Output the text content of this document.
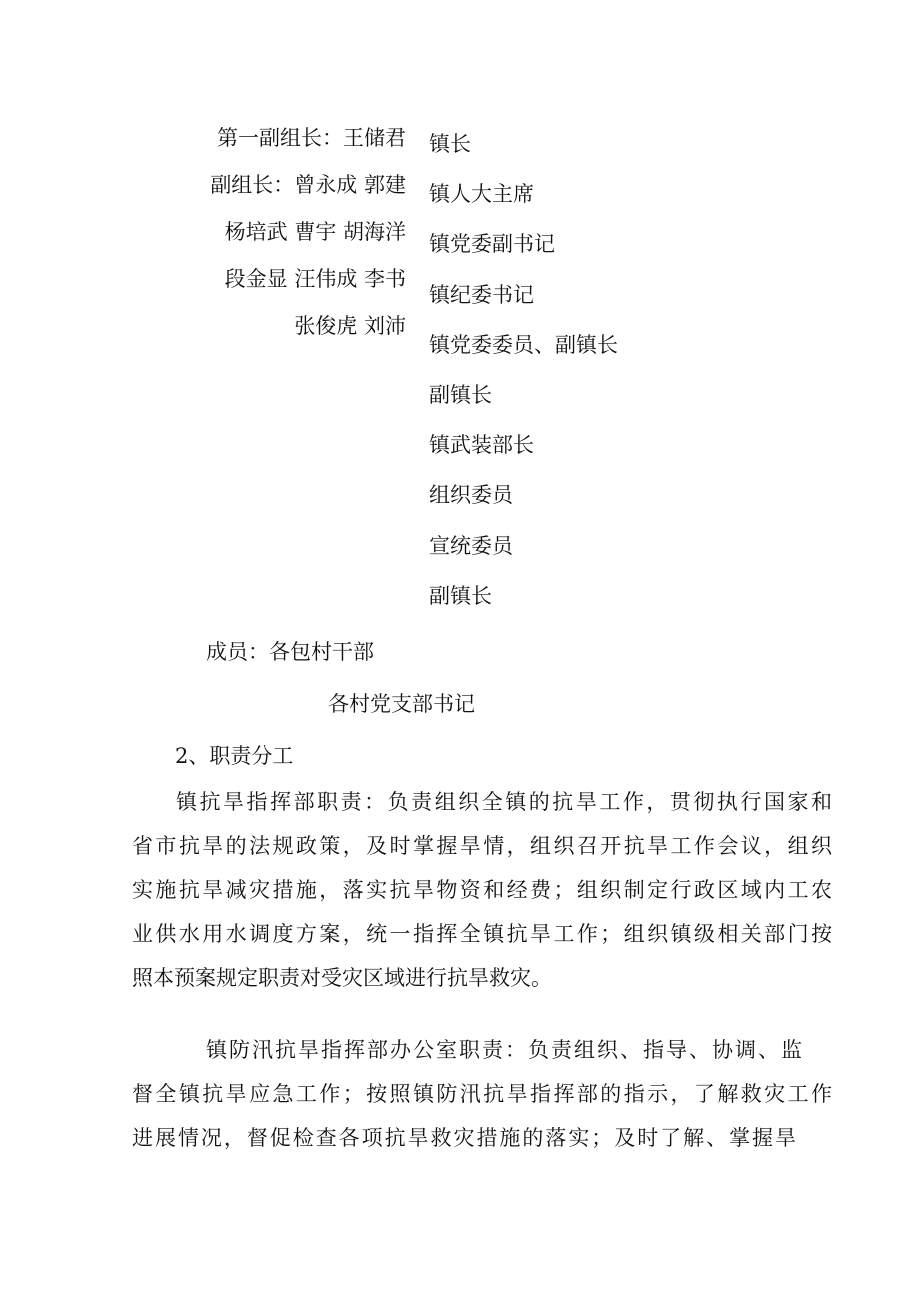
第一副组长：王储君
副组长：曾永成 郭建
杨培武 曹宇 胡海洋
段金显 汪伟成 李书
张俊虎 刘沛
镇长
镇人大主席
镇党委副书记
镇纪委书记
镇党委委员、副镇长
副镇长
镇武装部长
组织委员
宣统委员
副镇长
成员：各包村干部
各村党支部书记
2、职责分工
镇抗旱指挥部职责：负责组织全镇的抗旱工作，贯彻执行国家和
省市抗旱的法规政策，及时掌握旱情，组织召开抗旱工作会议，组织
实施抗旱减灾措施，落实抗旱物资和经费；组织制定行政区域内工农
业供水用水调度方案，统一指挥全镇抗旱工作；组织镇级相关部门按
照本预案规定职责对受灾区域进行抗旱救灾。
镇防汛抗旱指挥部办公室职责：负责组织、指导、协调、监
督全镇抗旱应急工作；按照镇防汛抗旱指挥部的指示，了解救灾工作
进展情况，督促检查各项抗旱救灾措施的落实；及时了解、掌握旱
